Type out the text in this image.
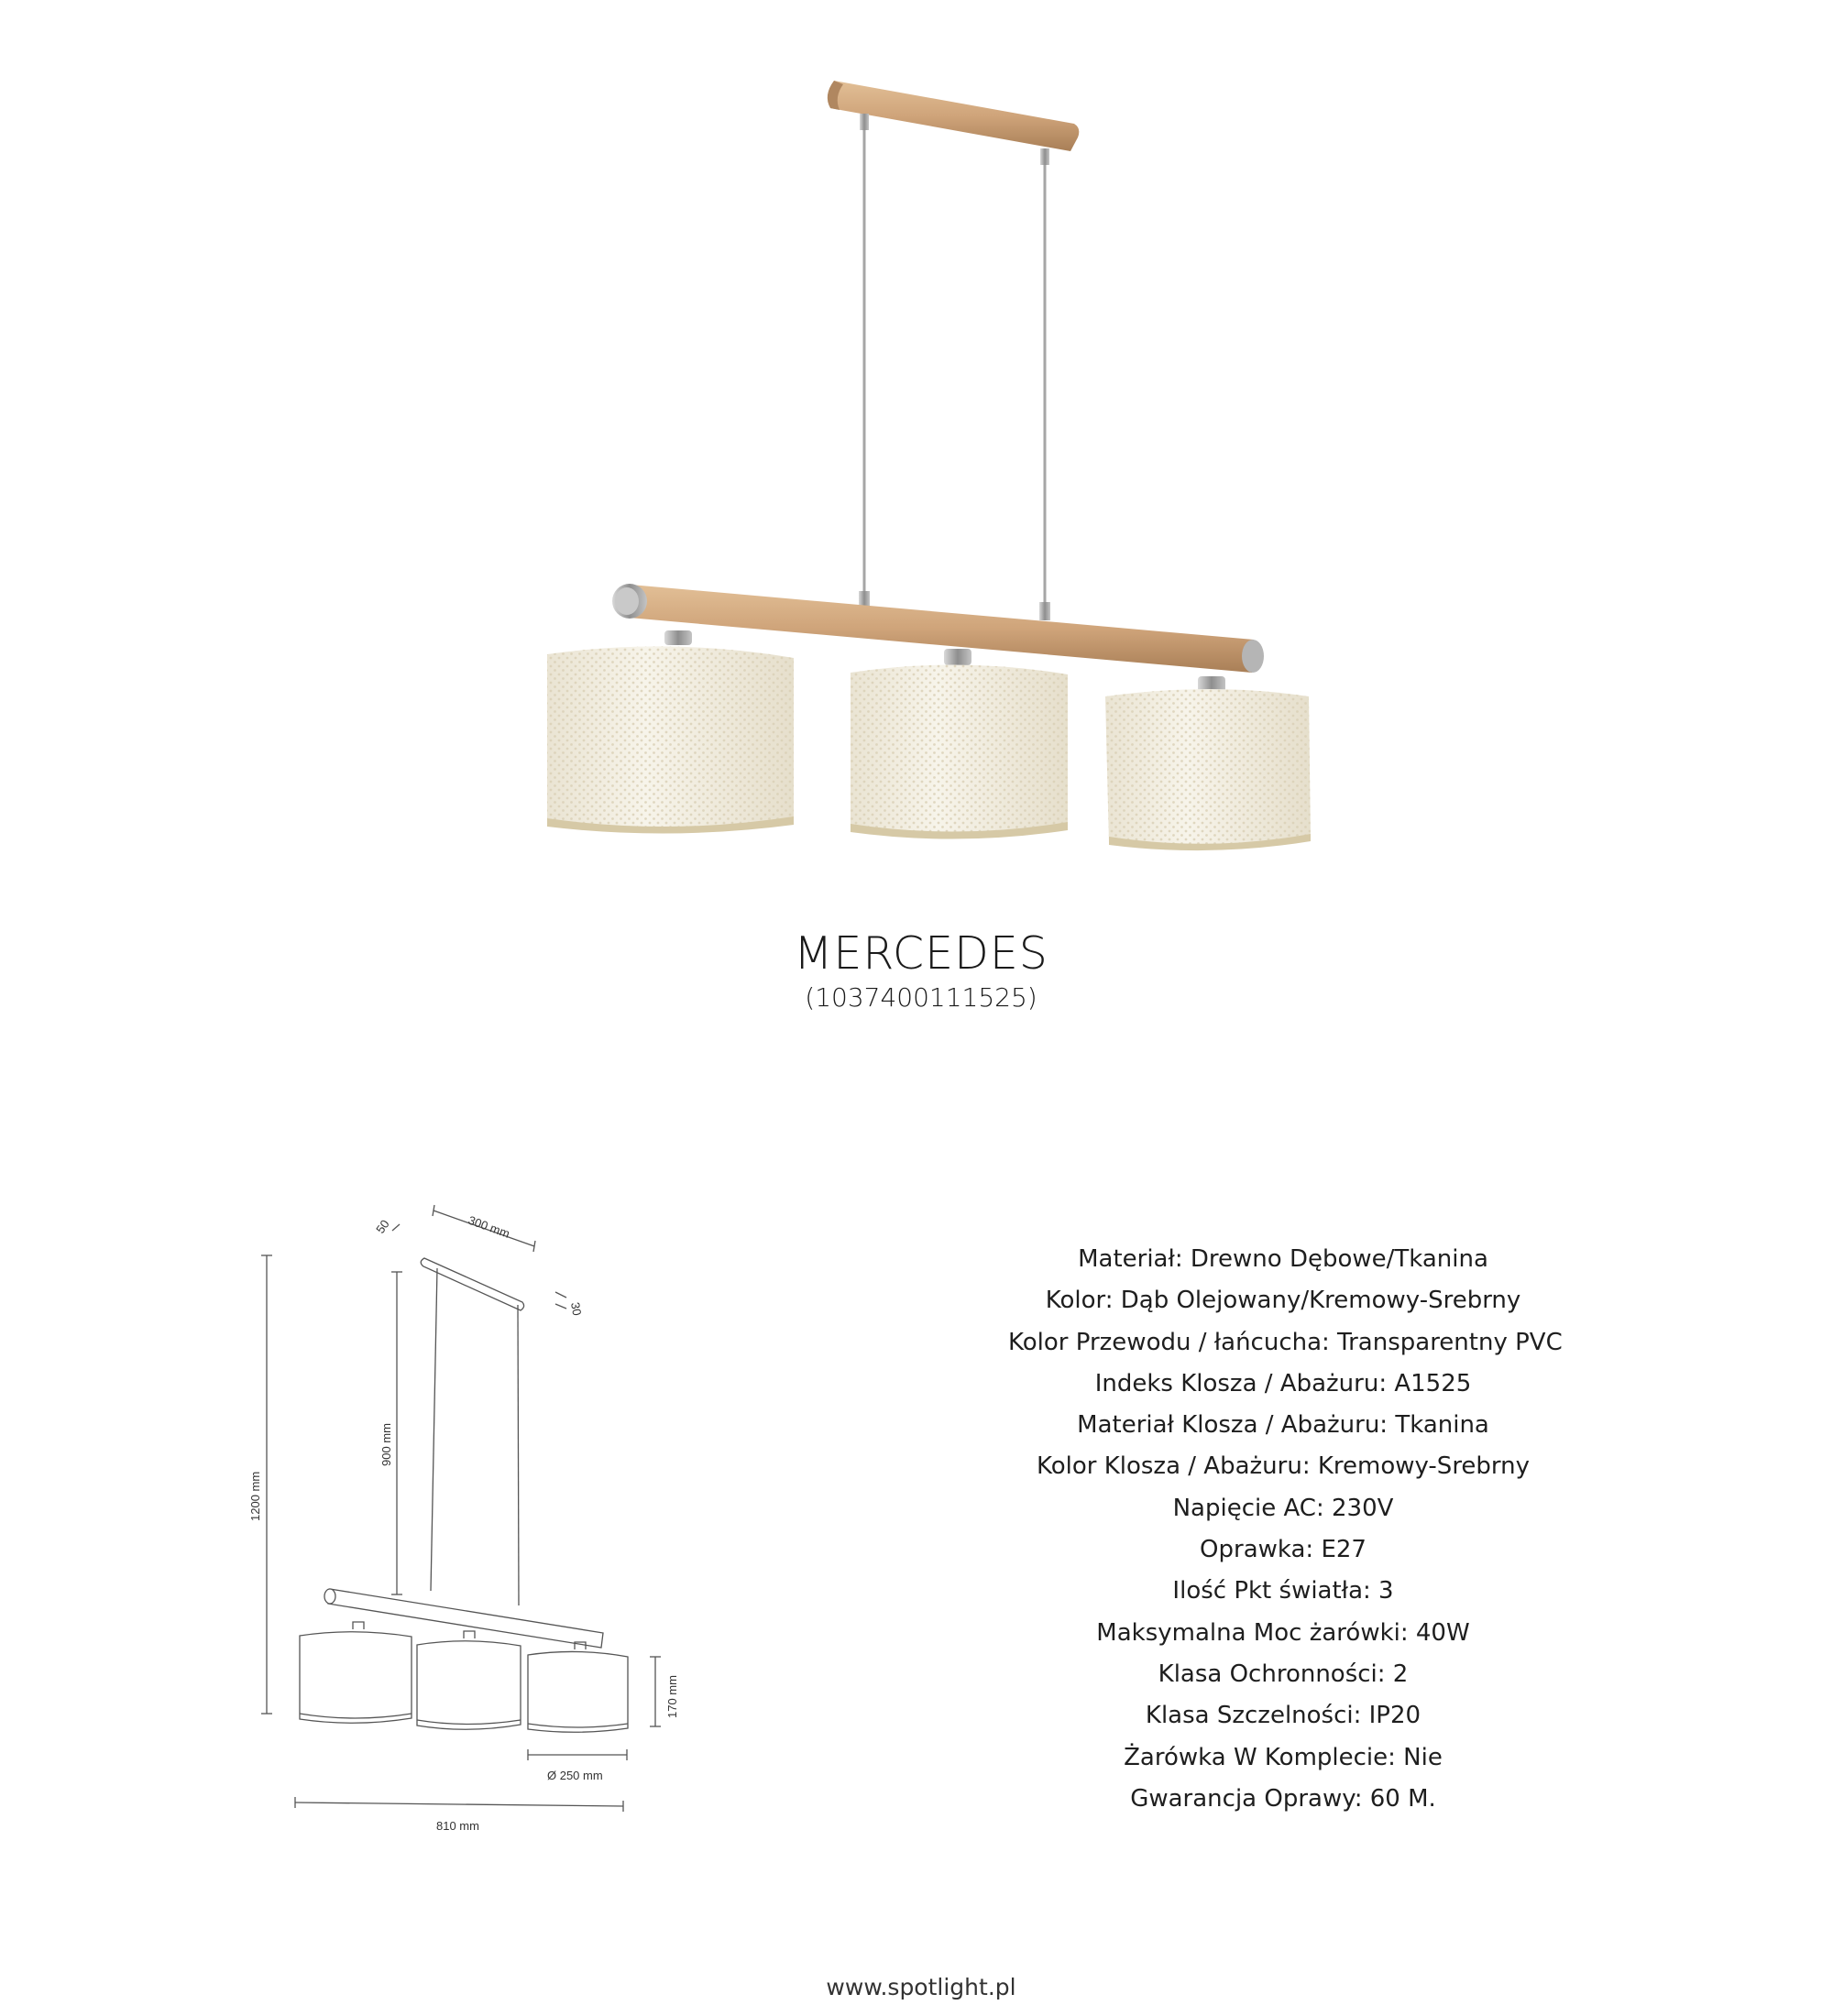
MERCEDES
(1037400111525)
300 mm
50
30
900 mm
1200 mm
170 mm
Ø 250 mm
810 mm
Materiał: Drewno Dębowe/Tkanina
Kolor: Dąb Olejowany/Kremowy-Srebrny
Kolor Przewodu / łańcucha: Transparentny PVC
Indeks Klosza / Abażuru: A1525
Materiał Klosza / Abażuru: Tkanina
Kolor Klosza / Abażuru: Kremowy-Srebrny
Napięcie AC: 230V
Oprawka: E27
Ilość Pkt światła: 3
Maksymalna Moc żarówki: 40W
Klasa Ochronności: 2
Klasa Szczelności: IP20
Żarówka W Komplecie: Nie
Gwarancja Oprawy: 60 M.
www.spotlight.pl
